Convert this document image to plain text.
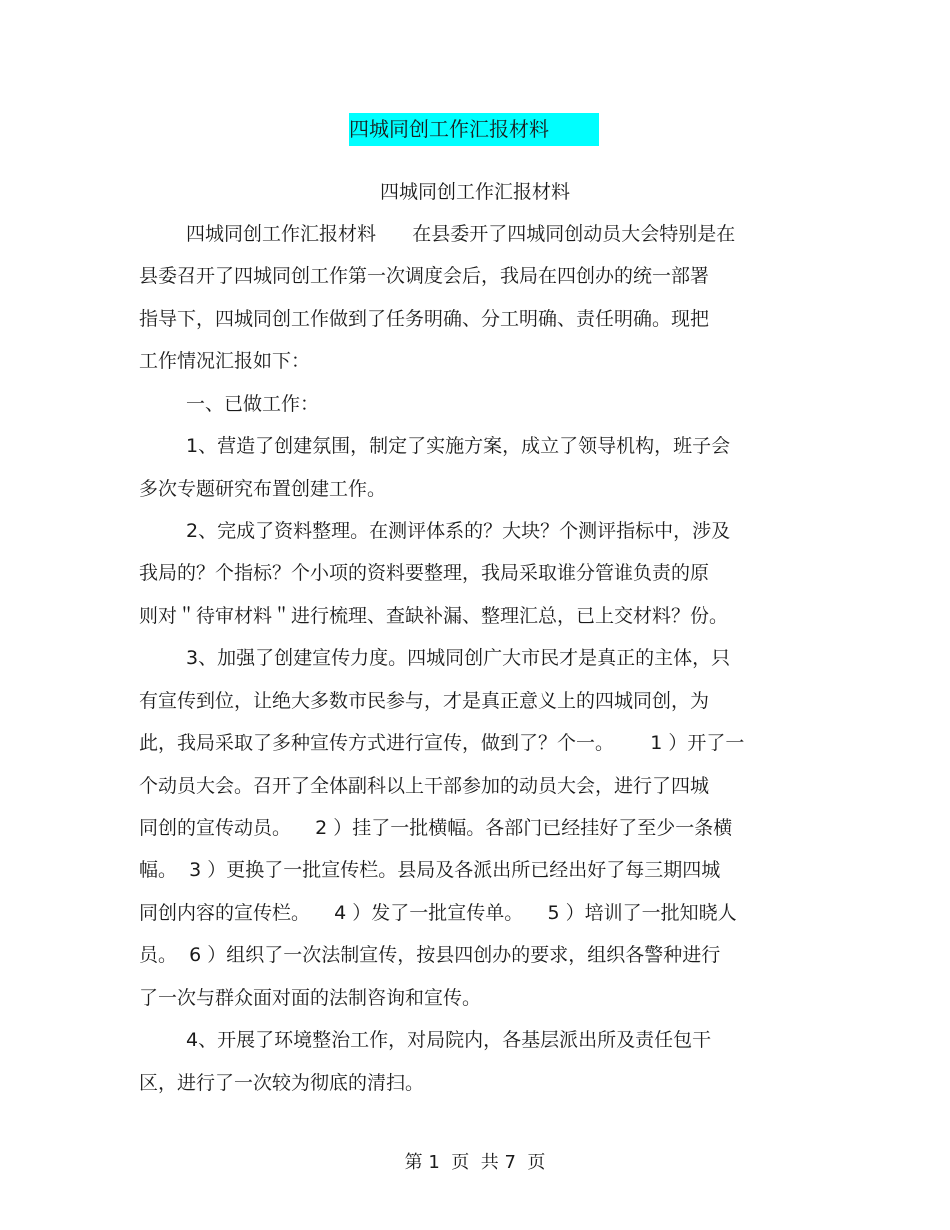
四城同创工作汇报材料
四城同创工作汇报材料
四城同创工作汇报材料      在县委开了四城同创动员大会特别是在
县委召开了四城同创工作第一次调度会后，我局在四创办的统一部署
指导下，四城同创工作做到了任务明确、分工明确、责任明确。现把
工作情况汇报如下：
一、已做工作：
1、营造了创建氛围，制定了实施方案，成立了领导机构，班子会
多次专题研究布置创建工作。
2、完成了资料整理。在测评体系的？大块？个测评指标中，涉及
我局的？个指标？个小项的资料要整理，我局采取谁分管谁负责的原
则对＂待审材料＂进行梳理、查缺补漏、整理汇总，已上交材料？份。
3、加强了创建宣传力度。四城同创广大市民才是真正的主体，只
有宣传到位，让绝大多数市民参与，才是真正意义上的四城同创，为
此，我局采取了多种宣传方式进行宣传，做到了？个一。      1 ）开了一
个动员大会。召开了全体副科以上干部参加的动员大会，进行了四城
同创的宣传动员。    2 ）挂了一批横幅。各部门已经挂好了至少一条横
幅。  3 ）更换了一批宣传栏。县局及各派出所已经出好了每三期四城
同创内容的宣传栏。    4 ）发了一批宣传单。    5 ）培训了一批知晓人
员。  6 ）组织了一次法制宣传，按县四创办的要求，组织各警种进行
了一次与群众面对面的法制咨询和宣传。
4、开展了环境整治工作，对局院内，各基层派出所及责任包干
区，进行了一次较为彻底的清扫。
第 1  页  共 7  页
